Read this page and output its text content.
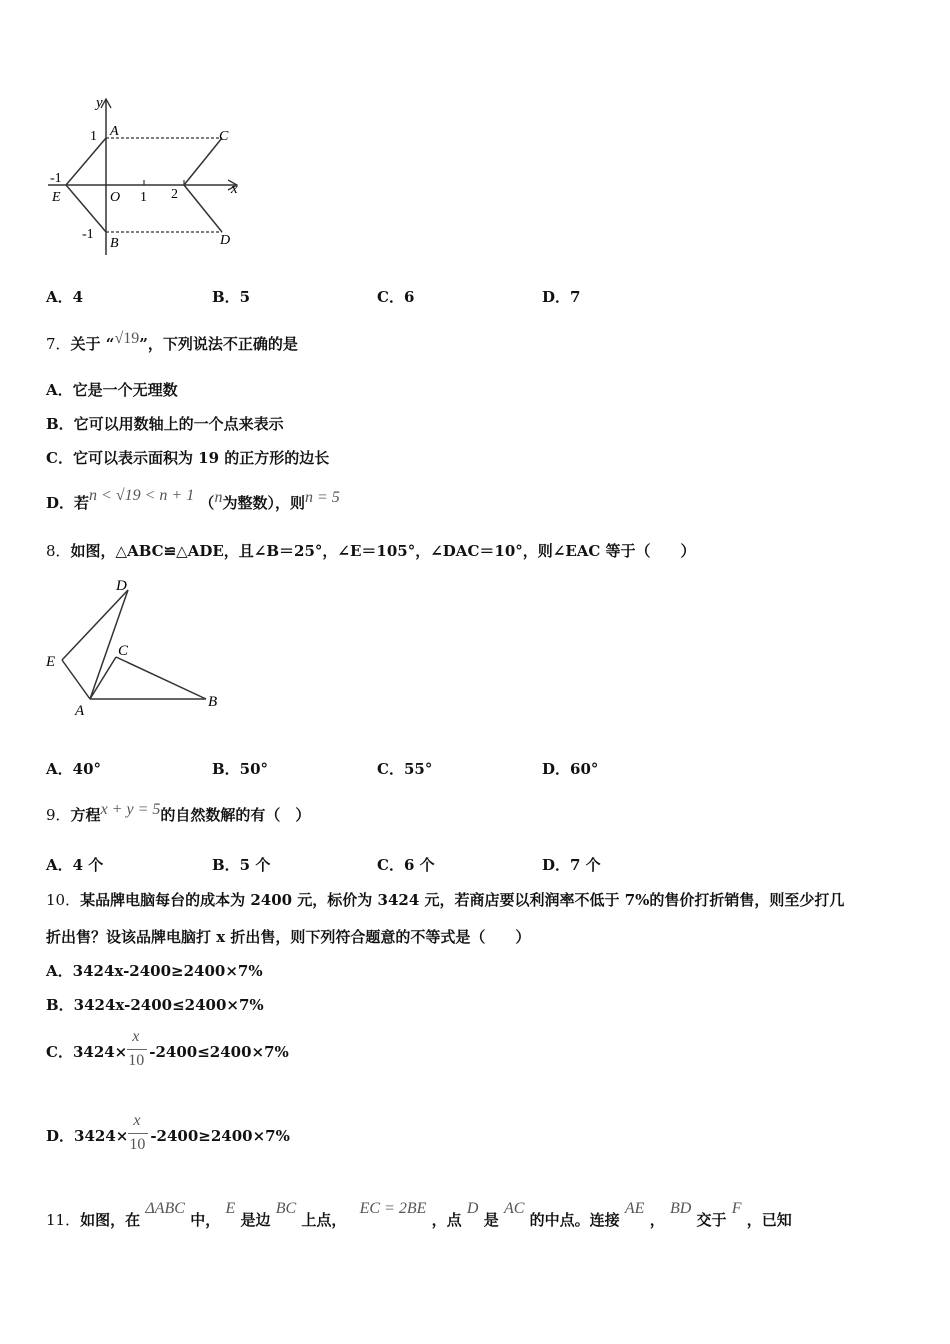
y
x
1 A	C
-1
E	O 1 2
-1
B	D
A．4	B．5	C．6	D．7
7．关于 “√19”，下列说法不正确的是
A．它是一个无理数
B．它可以用数轴上的一个点来表示
C．它可以表示面积为 19 的正方形的边长
D．若n < √19 < n + 1 （n为整数），则n = 5
8．如图，△ABC≌△ADE，且∠B＝25°，∠E＝105°，∠DAC＝10°，则∠EAC 等于（　　）
D
E
C
A
B
A．40°	B．50°	C．55°	D．60°
9．方程x + y = 5的自然数解的有（　）
A．4 个	B．5 个	C．6 个	D．7 个
10．某品牌电脑每台的成本为 2400 元，标价为 3424 元，若商店要以利润率不低于 7%的售价打折销售，则至少打几
折出售？设该品牌电脑打 x 折出售，则下列符合题意的不等式是（　　）
A．3424x-2400≥2400×7%
B．3424x-2400≤2400×7%
C．$3424\times \frac{x}{10} -2400\le 2400\times 7\%$
D．$3424\times \frac{x}{10} -2400\ge 2400\times 7\%$
11．如图，在 ΔABC 中， E 是边 BC 上点， EC = 2BE ，点 D 是 AC 的中点。连接 AE ， BD 交于 F ，已知
